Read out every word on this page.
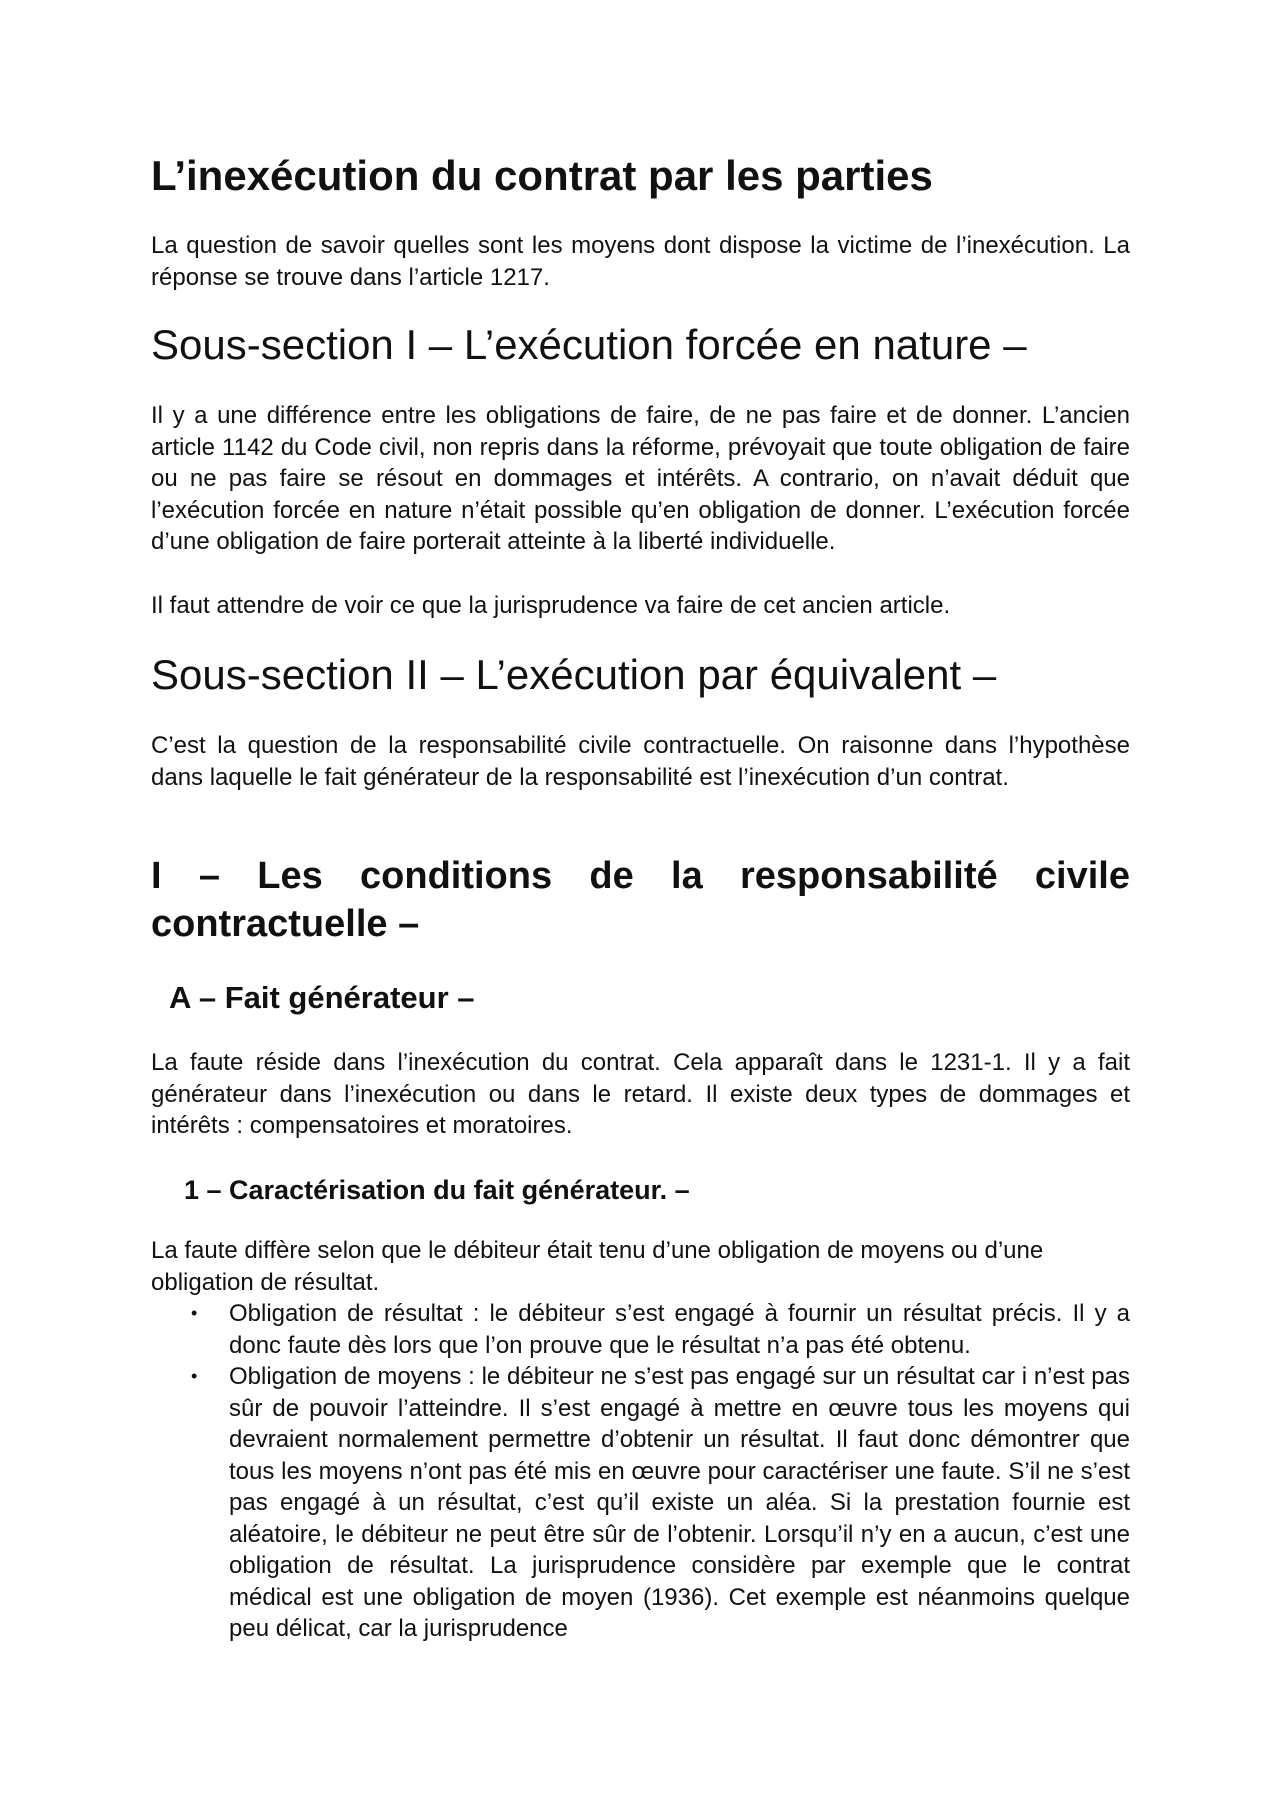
L’inexécution du contrat par les parties

La question de savoir quelles sont les moyens dont dispose la victime de l’inexécution. La réponse se trouve dans l’article 1217.

Sous-section I – L’exécution forcée en nature –

Il y a une différence entre les obligations de faire, de ne pas faire et de donner. L’ancien article 1142 du Code civil, non repris dans la réforme, prévoyait que toute obligation de faire ou ne pas faire se résout en dommages et intérêts. A contrario, on n’avait déduit que l’exécution forcée en nature n’était possible qu’en obligation de donner. L’exécution forcée d’une obligation de faire porterait atteinte à la liberté individuelle.

Il faut attendre de voir ce que la jurisprudence va faire de cet ancien article.

Sous-section II – L’exécution par équivalent –

C’est la question de la responsabilité civile contractuelle. On raisonne dans l’hypothèse dans laquelle le fait générateur de la responsabilité est l’inexécution d’un contrat.

I – Les conditions de la responsabilité civile contractuelle –
A – Fait générateur –

La faute réside dans l’inexécution du contrat. Cela apparaît dans le 1231-1. Il y a fait générateur dans l’inexécution ou dans le retard. Il existe deux types de dommages et intérêts : compensatoires et moratoires.

1 – Caractérisation du fait générateur. –

La faute diffère selon que le débiteur était tenu d’une obligation de moyens ou d’une obligation de résultat.

• Obligation de résultat : le débiteur s’est engagé à fournir un résultat précis. Il y a donc faute dès lors que l’on prouve que le résultat n’a pas été obtenu.
• Obligation de moyens : le débiteur ne s’est pas engagé sur un résultat car i n’est pas sûr de pouvoir l’atteindre. Il s’est engagé à mettre en œuvre tous les moyens qui devraient normalement permettre d’obtenir un résultat. Il faut donc démontrer que tous les moyens n’ont pas été mis en œuvre pour caractériser une faute. S’il ne s’est pas engagé à un résultat, c’est qu’il existe un aléa. Si la prestation fournie est aléatoire, le débiteur ne peut être sûr de l’obtenir. Lorsqu’il n’y en a aucun, c’est une obligation de résultat. La jurisprudence considère par exemple que le contrat médical est une obligation de moyen (1936). Cet exemple est néanmoins quelque peu délicat, car la jurisprudence
